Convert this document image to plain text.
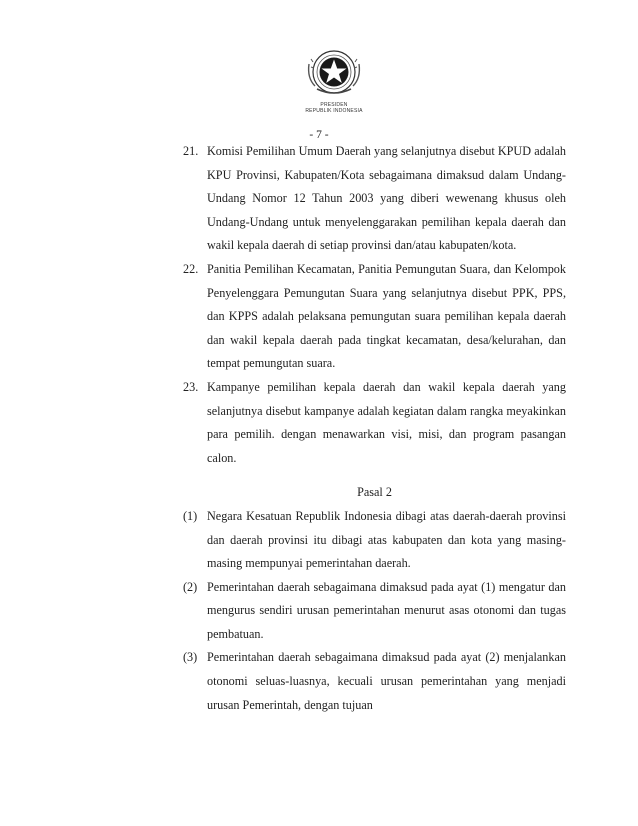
PRESIDEN
REPUBLIK INDONESIA
- 7 -
21. Komisi Pemilihan Umum Daerah yang selanjutnya disebut KPUD adalah KPU Provinsi, Kabupaten/Kota sebagaimana dimaksud dalam Undang-Undang Nomor 12 Tahun 2003 yang diberi wewenang khusus oleh Undang-Undang untuk menyelenggarakan pemilihan kepala daerah dan wakil kepala daerah di setiap provinsi dan/atau kabupaten/kota.
22. Panitia Pemilihan Kecamatan, Panitia Pemungutan Suara, dan Kelompok Penyelenggara Pemungutan Suara yang selanjutnya disebut PPK, PPS, dan KPPS adalah pelaksana pemungutan suara pemilihan kepala daerah dan wakil kepala daerah pada tingkat kecamatan, desa/kelurahan, dan tempat pemungutan suara.
23. Kampanye pemilihan kepala daerah dan wakil kepala daerah yang selanjutnya disebut kampanye adalah kegiatan dalam rangka meyakinkan para pemilih. dengan menawarkan visi, misi, dan program pasangan calon.
Pasal 2
(1) Negara Kesatuan Republik Indonesia dibagi atas daerah-daerah provinsi dan daerah provinsi itu dibagi atas kabupaten dan kota yang masing-masing mempunyai pemerintahan daerah.
(2) Pemerintahan daerah sebagaimana dimaksud pada ayat (1) mengatur dan mengurus sendiri urusan pemerintahan menurut asas otonomi dan tugas pembatuan.
(3) Pemerintahan daerah sebagaimana dimaksud pada ayat (2) menjalankan otonomi seluas-luasnya, kecuali urusan pemerintahan yang menjadi urusan Pemerintah, dengan tujuan
